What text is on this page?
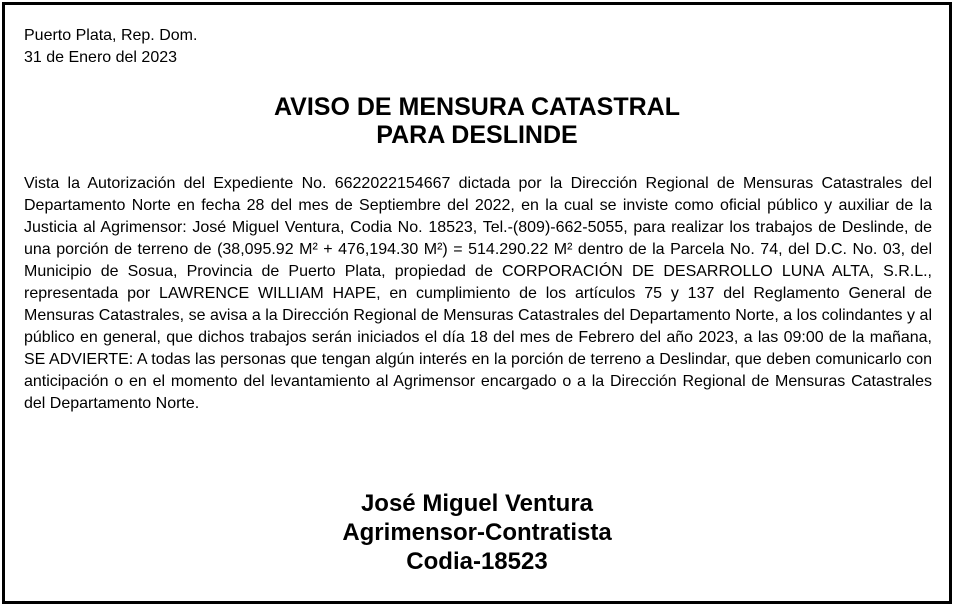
Puerto Plata, Rep. Dom.
31 de Enero del 2023
AVISO DE MENSURA CATASTRAL
PARA DESLINDE
Vista la Autorización del Expediente No. 6622022154667 dictada por la Dirección Regional de Mensuras Catastrales del Departamento Norte en fecha 28 del mes de Septiembre del 2022, en la cual se inviste como oficial público y auxiliar de la Justicia al Agrimensor: José Miguel Ventura, Codia No. 18523, Tel.-(809)-662-5055, para realizar los trabajos de Deslinde, de una porción de terreno de (38,095.92 M² + 476,194.30 M²) = 514.290.22 M² dentro de la Parcela No. 74, del D.C. No. 03, del Municipio de Sosua, Provincia de Puerto Plata, propiedad de CORPORACIÓN DE DESARROLLO LUNA ALTA, S.R.L., representada por LAWRENCE WILLIAM HAPE, en cumplimiento de los artículos 75 y 137 del Reglamento General de Mensuras Catastrales, se avisa a la Dirección Regional de Mensuras Catastrales del Departamento Norte, a los colindantes y al público en general, que dichos trabajos serán iniciados el día 18 del mes de Febrero del año 2023, a las 09:00 de la mañana, SE ADVIERTE: A todas las personas que tengan algún interés en la porción de terreno a Deslindar, que deben comunicarlo con anticipación o en el momento del levantamiento al Agrimensor encargado o a la Dirección Regional de Mensuras Catastrales del Departamento Norte.
José Miguel Ventura
Agrimensor-Contratista
Codia-18523
